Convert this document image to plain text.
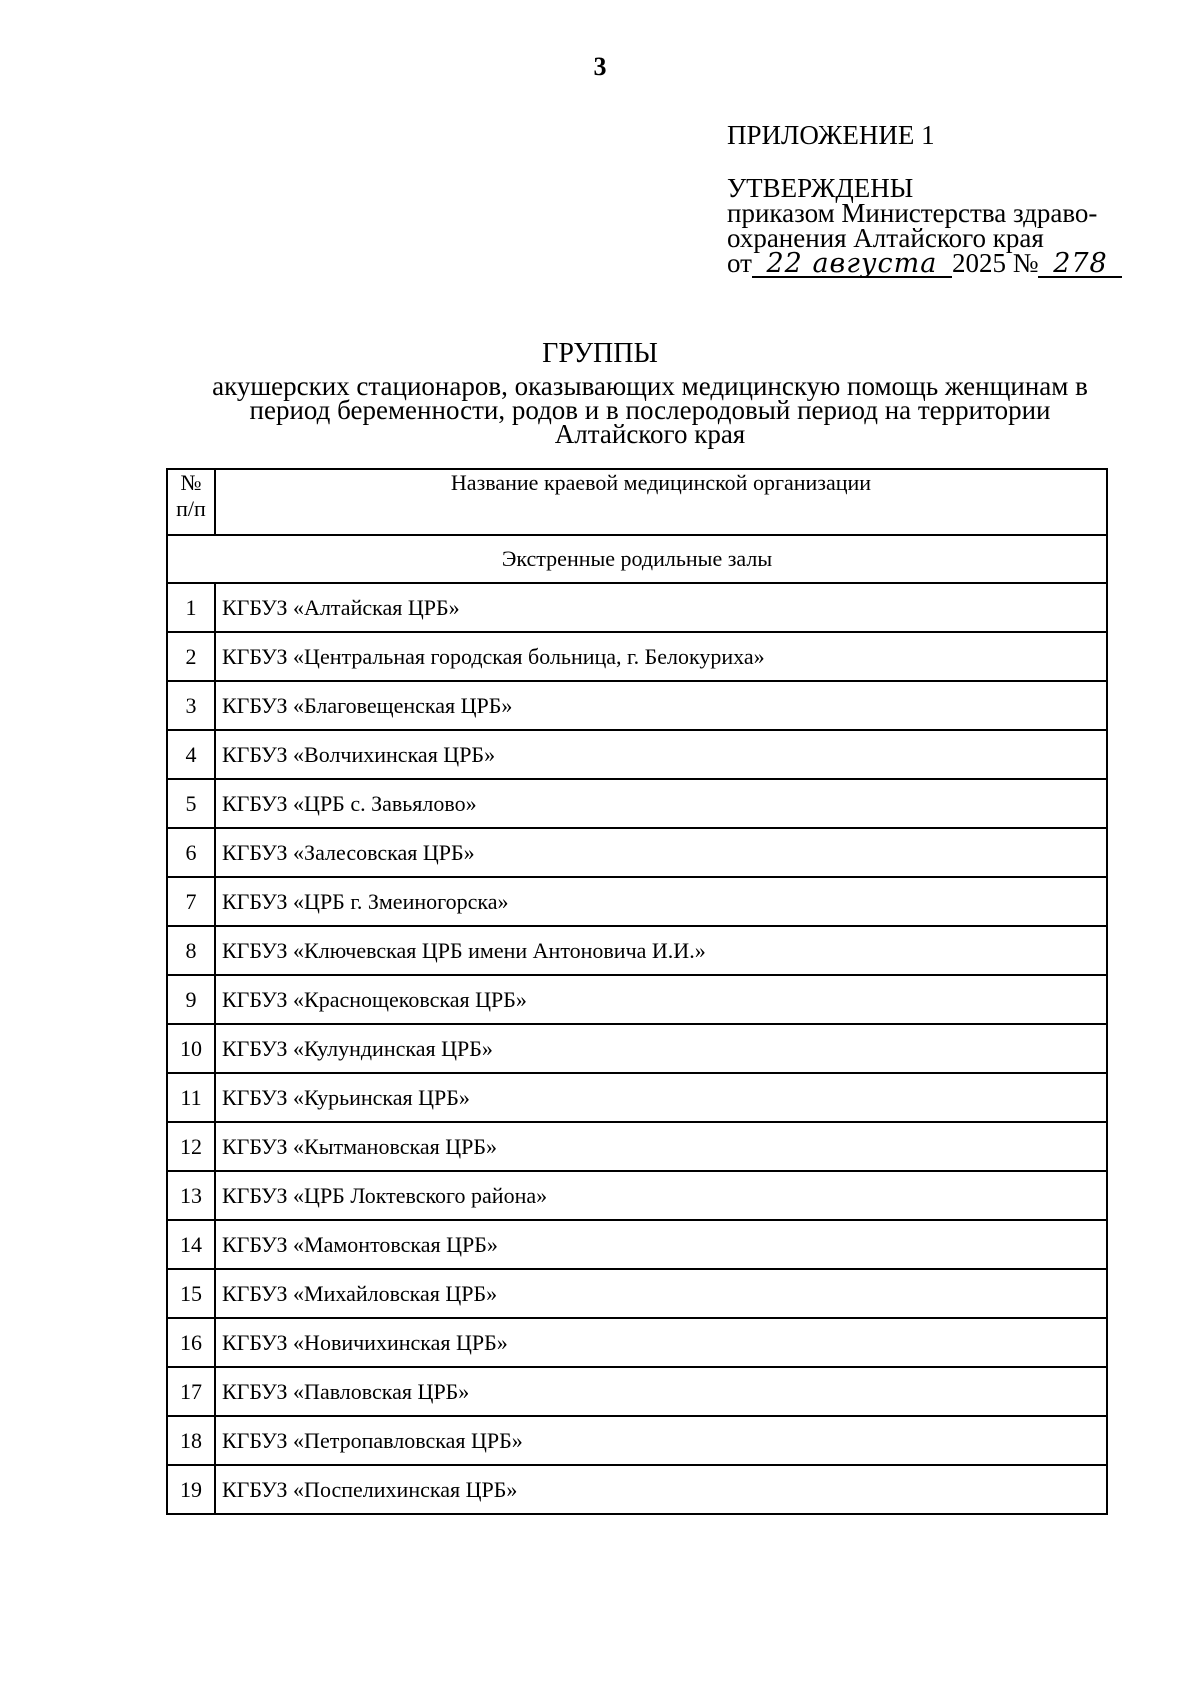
3
ПРИЛОЖЕНИЕ 1
УТВЕРЖДЕНЫ
приказом Министерства здраво-
охранения Алтайского края
от 22 августа 2025 № 278
ГРУППЫ
акушерских стационаров, оказывающих медицинскую помощь женщинам в период беременности, родов и в послеродовый период на территории Алтайского края
№ п/п	Название краевой медицинской организации
Экстренные родильные залы	
1	КГБУЗ «Алтайская ЦРБ»
2	КГБУЗ «Центральная городская больница, г. Белокуриха»
3	КГБУЗ «Благовещенская ЦРБ»
4	КГБУЗ «Волчихинская ЦРБ»
5	КГБУЗ «ЦРБ с. Завьялово»
6	КГБУЗ «Залесовская ЦРБ»
7	КГБУЗ «ЦРБ г. Змеиногорска»
8	КГБУЗ «Ключевская ЦРБ имени Антоновича И.И.»
9	КГБУЗ «Краснощековская ЦРБ»
10	КГБУЗ «Кулундинская ЦРБ»
11	КГБУЗ «Курьинская ЦРБ»
12	КГБУЗ «Кытмановская ЦРБ»
13	КГБУЗ «ЦРБ Локтевского района»
14	КГБУЗ «Мамонтовская ЦРБ»
15	КГБУЗ «Михайловская ЦРБ»
16	КГБУЗ «Новичихинская ЦРБ»
17	КГБУЗ «Павловская ЦРБ»
18	КГБУЗ «Петропавловская ЦРБ»
19	КГБУЗ «Поспелихинская ЦРБ»
